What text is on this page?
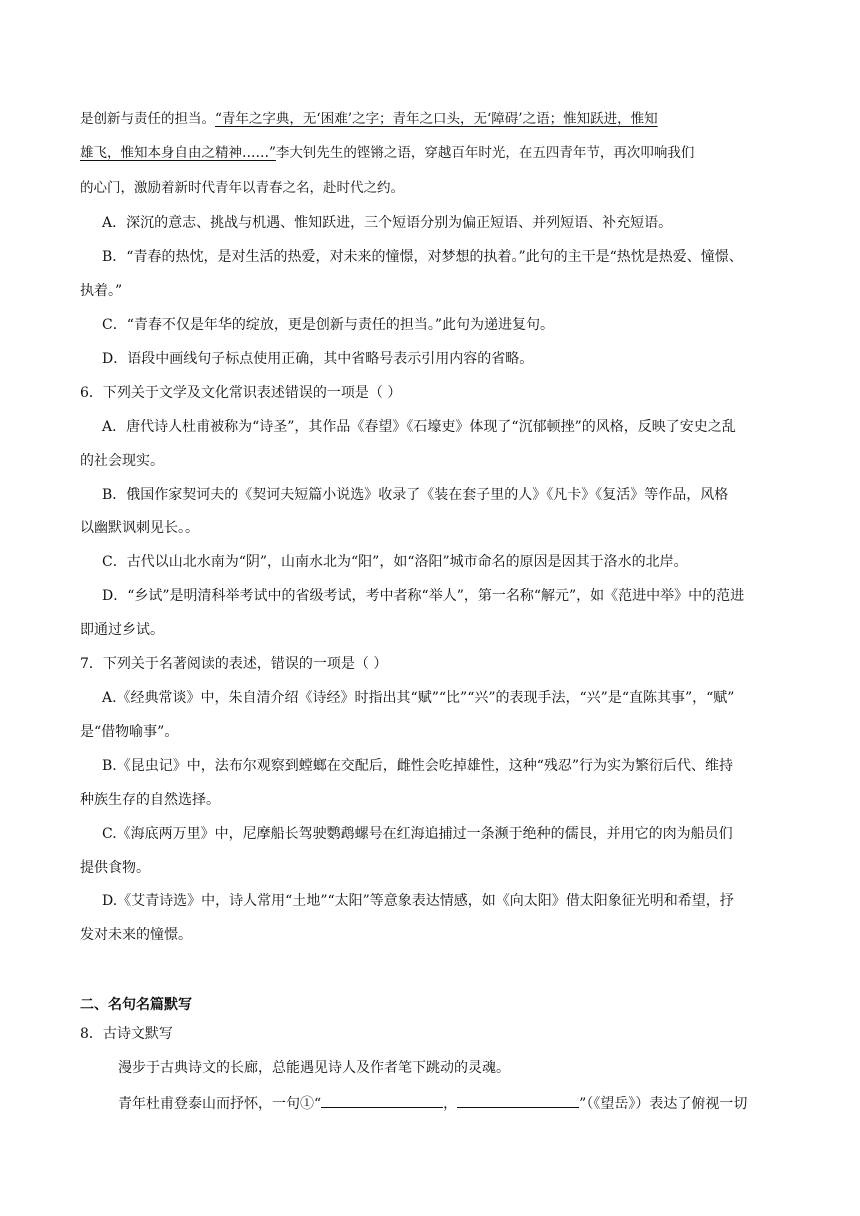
是创新与责任的担当。“青年之字典，无‘困难’之字；青年之口头，无‘障碍’之语；惟知跃进，惟知
雄飞，惟知本身自由之精神……”李大钊先生的铿锵之语，穿越百年时光，在五四青年节，再次叩响我们
的心门，激励着新时代青年以青春之名，赴时代之约。
A．深沉的意志、挑战与机遇、惟知跃进，三个短语分别为偏正短语、并列短语、补充短语。
B．“青春的热忱，是对生活的热爱，对未来的憧憬，对梦想的执着。”此句的主干是“热忱是热爱、憧憬、
执着。”
C．“青春不仅是年华的绽放，更是创新与责任的担当。”此句为递进复句。
D．语段中画线句子标点使用正确，其中省略号表示引用内容的省略。
6．下列关于文学及文化常识表述错误的一项是（ ）
A．唐代诗人杜甫被称为“诗圣”，其作品《春望》《石壕吏》体现了“沉郁顿挫”的风格，反映了安史之乱
的社会现实。
B．俄国作家契诃夫的《契诃夫短篇小说选》收录了《装在套子里的人》《凡卡》《复活》等作品，风格
以幽默讽刺见长。。
C．古代以山北水南为“阴”，山南水北为“阳”，如“洛阳”城市命名的原因是因其于洛水的北岸。
D．“乡试”是明清科举考试中的省级考试，考中者称“举人”，第一名称“解元”，如《范进中举》中的范进
即通过乡试。
7．下列关于名著阅读的表述，错误的一项是（ ）
A.《经典常谈》中，朱自清介绍《诗经》时指出其“赋”“比”“兴”的表现手法，“兴”是“直陈其事”，“赋”
是“借物喻事”。
B.《昆虫记》中，法布尔观察到螳螂在交配后，雌性会吃掉雄性，这种“残忍”行为实为繁衍后代、维持
种族生存的自然选择。
C.《海底两万里》中，尼摩船长驾驶鹦鹉螺号在红海追捕过一条濒于绝种的儒艮，并用它的肉为船员们
提供食物。
D.《艾青诗选》中，诗人常用“土地”“太阳”等意象表达情感，如《向太阳》借太阳象征光明和希望，抒
发对未来的憧憬。
二、名句名篇默写
8．古诗文默写
漫步于古典诗文的长廊，总能遇见诗人及作者笔下跳动的灵魂。
青年杜甫登泰山而抒怀，一句①“	，	”（《望岳》）表达了俯视一切
